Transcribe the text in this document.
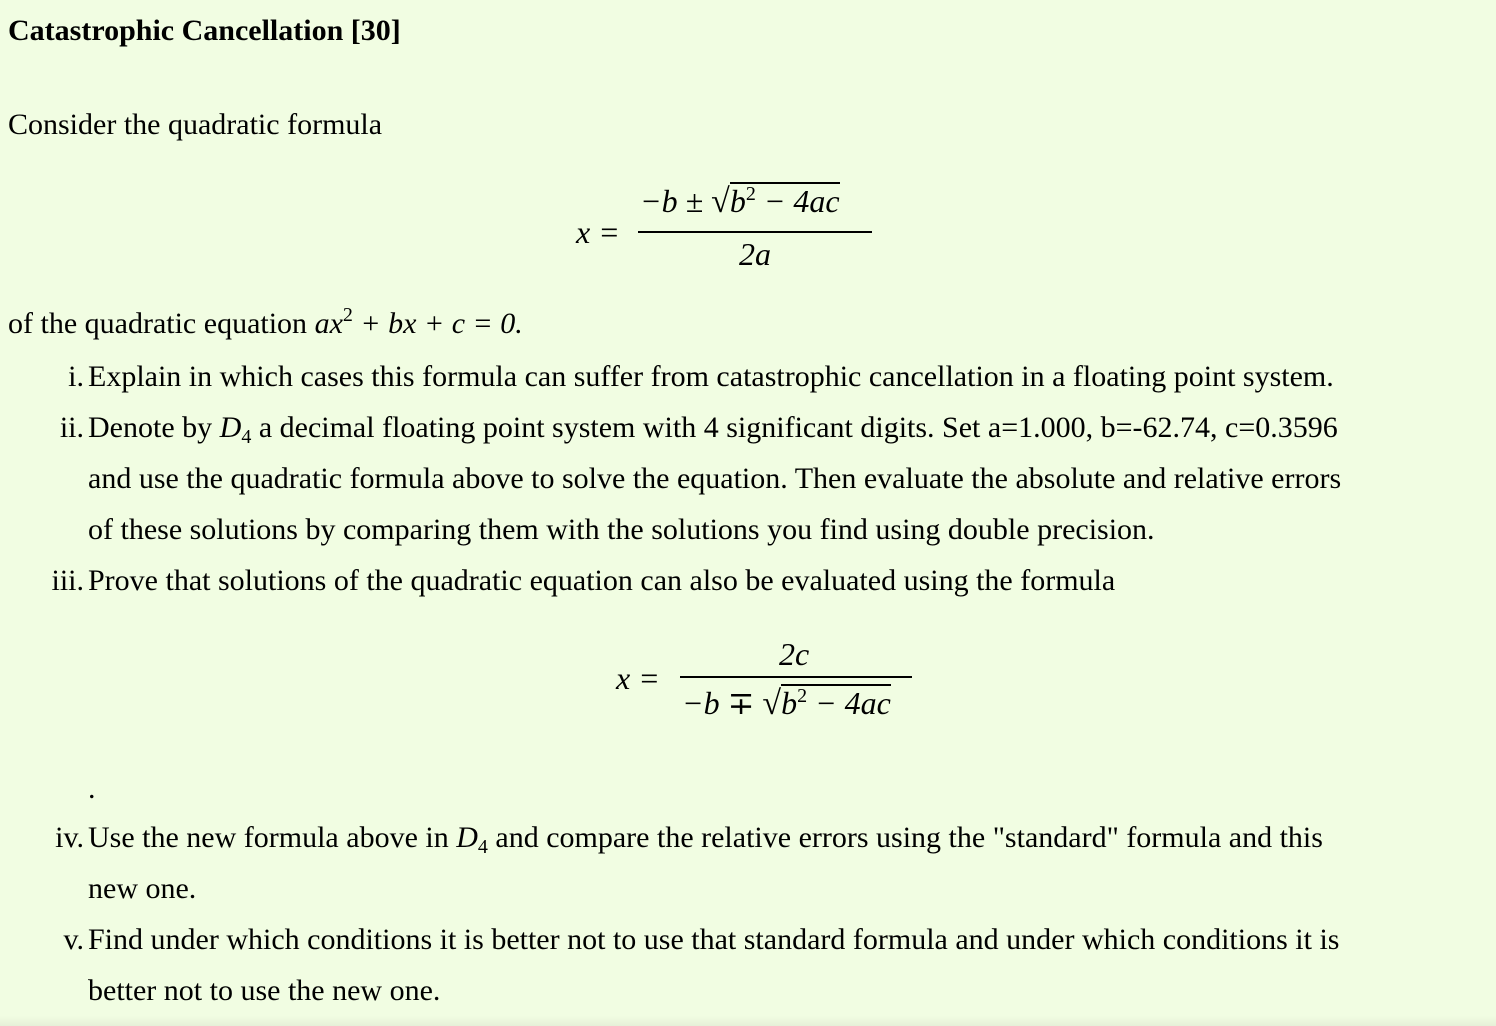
Catastrophic Cancellation [30]

Consider the quadratic formula

x =
$-b \pm √b^2 - 4ac$
2a

of the quadratic equation $ax^2$ + bx + c = 0.

i. Explain in which cases this formula can suffer from catastrophic cancellation in a floating point system.
ii. Denote by $D_4$ a decimal floating point system with 4 significant digits. Set a=1.000, b=-62.74, c=0.3596
and use the quadratic formula above to solve the equation. Then evaluate the absolute and relative errors
of these solutions by comparing them with the solutions you find using double precision.
iii. Prove that solutions of the quadratic equation can also be evaluated using the formula
x =
2c
$-b \mp √b^2 - 4ac$
.
iv. Use the new formula above in $D_4$ and compare the relative errors using the "standard" formula and this
new one.
v. Find under which conditions it is better not to use that standard formula and under which conditions it is
better not to use the new one.
